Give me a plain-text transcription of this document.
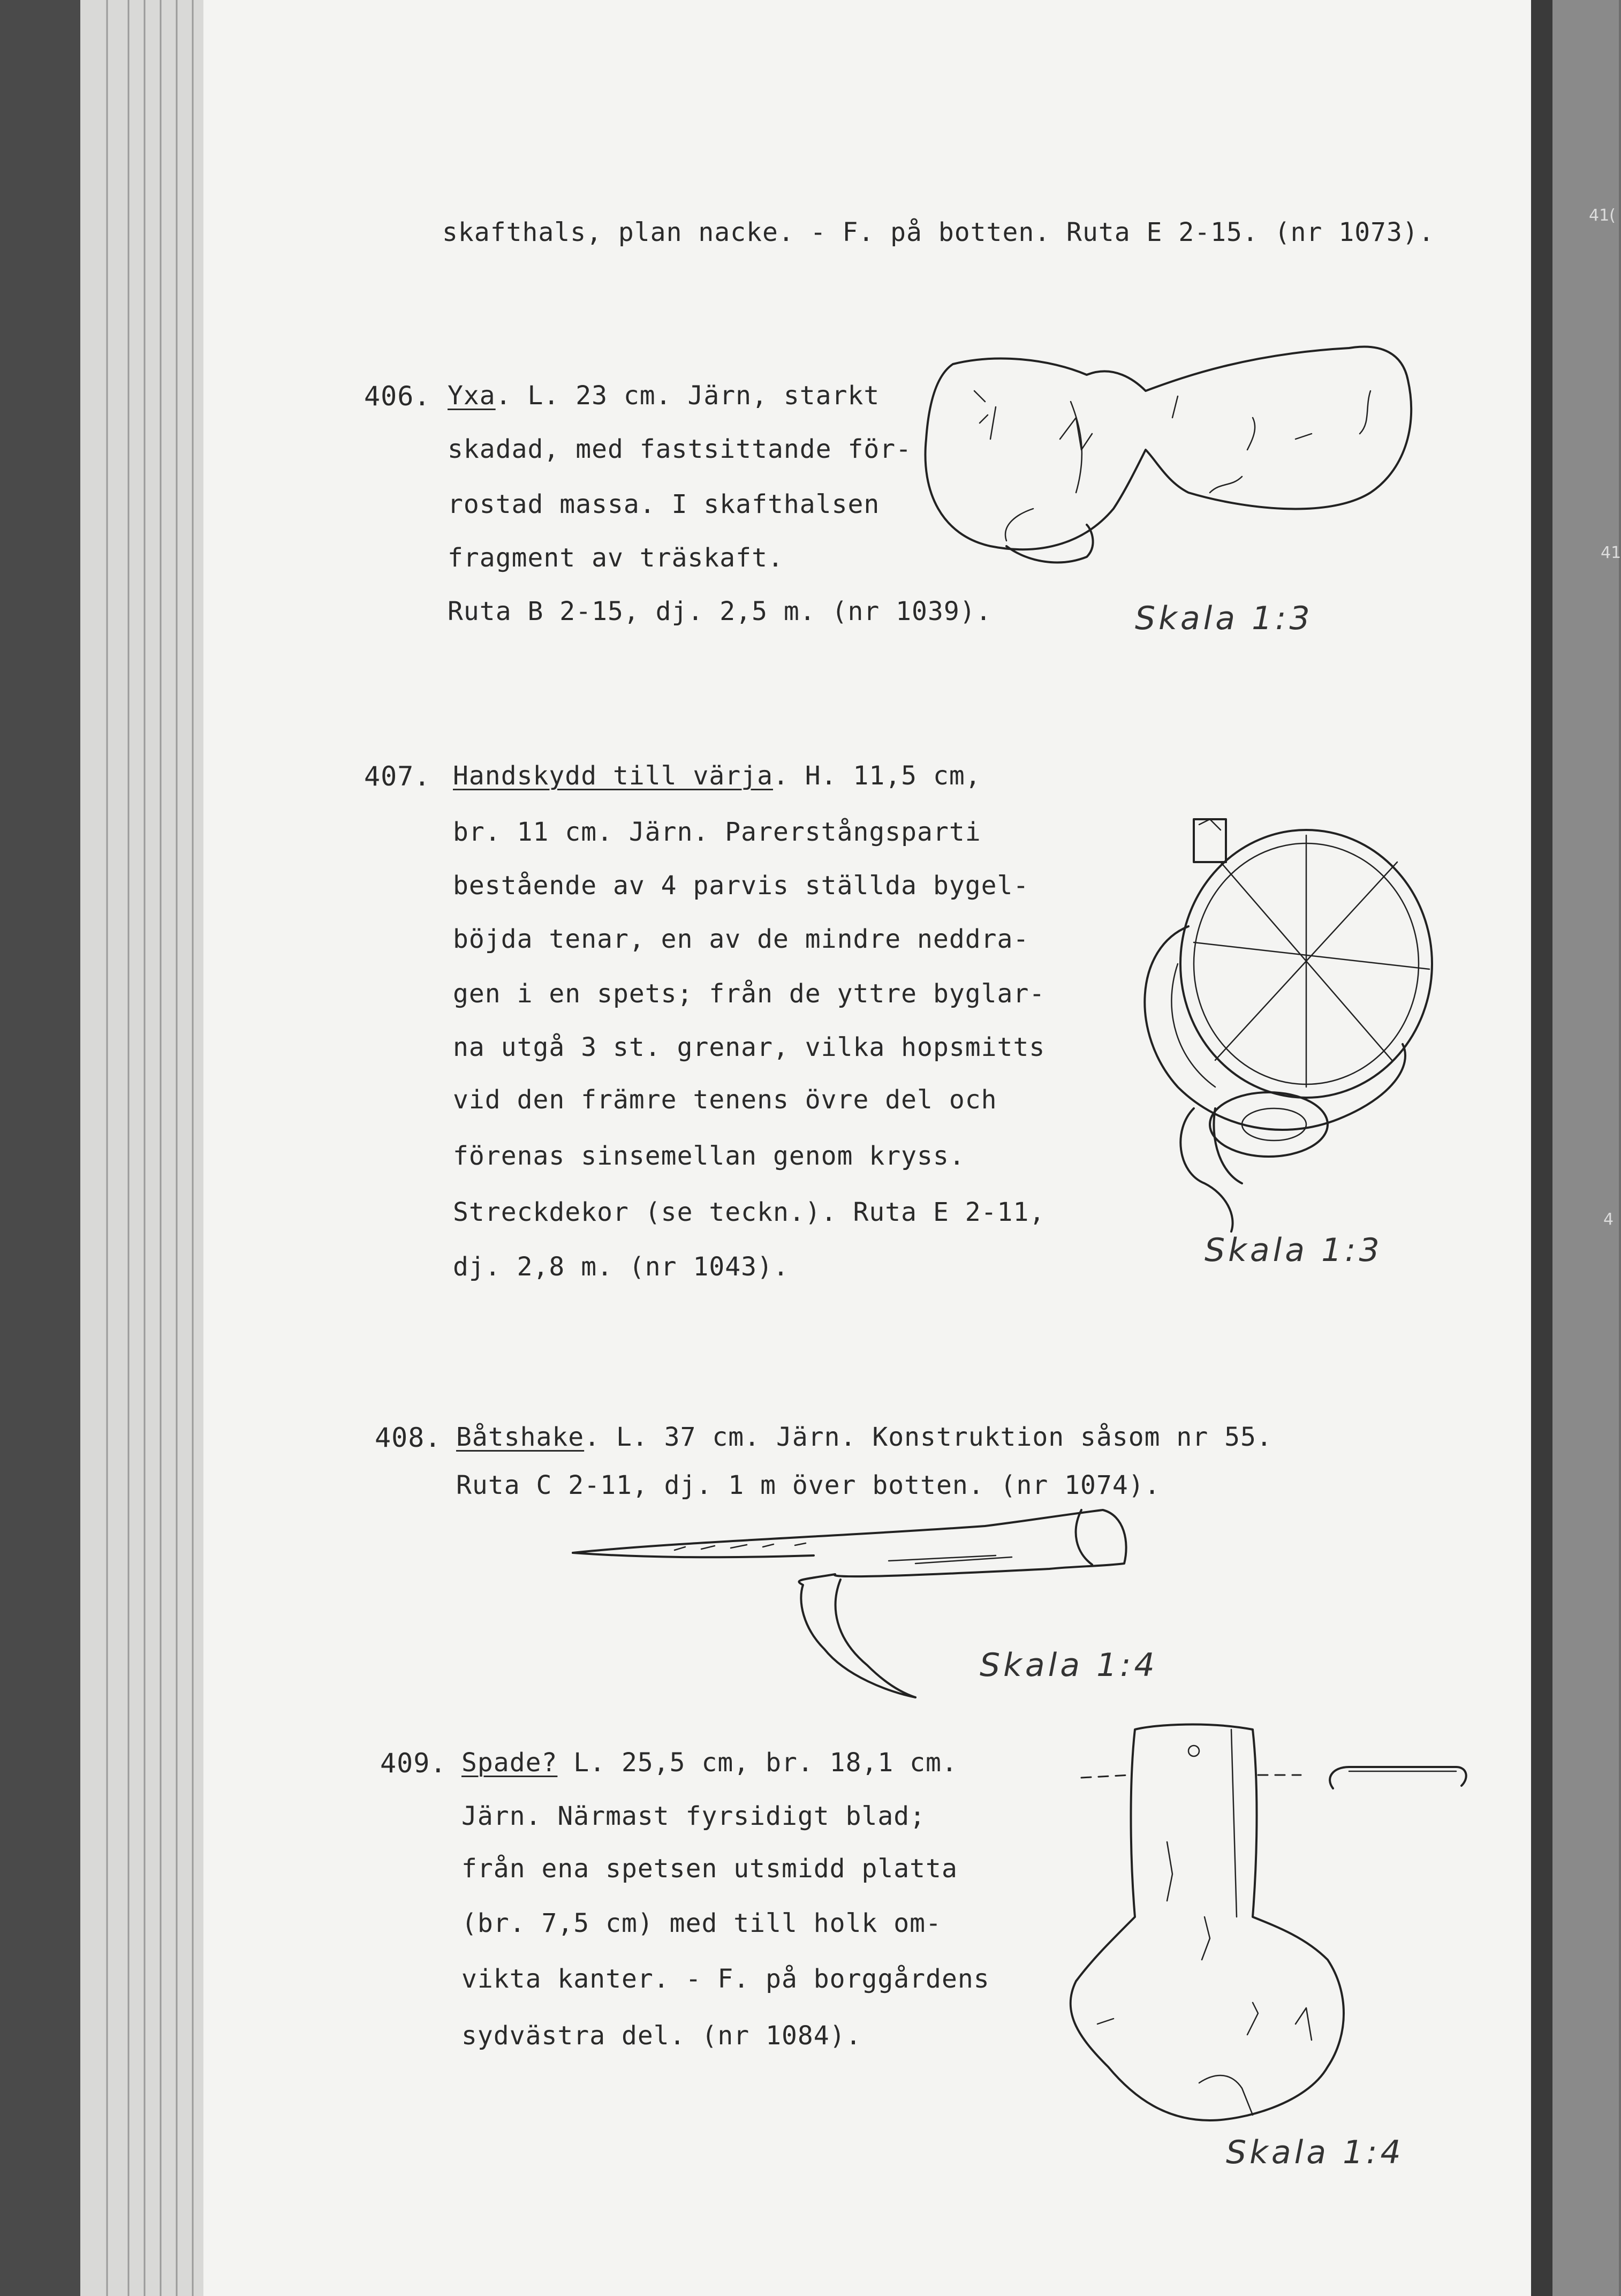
skafthals, plan nacke. - F. på botten. Ruta E 2-15. (nr 1073).

406. Yxa. L. 23 cm. Järn, starkt

skadad, med fastsittande för-

rostad massa. I skafthalsen

fragment av träskaft.

Ruta B 2-15, dj. 2,5 m. (nr 1039).	Skala 1:3

407. Handskydd till värja. H. 11,5 cm,

br. 11 cm. Järn. Parerstångsparti

bestående av 4 parvis ställda bygel-

böjda tenar, en av de mindre neddra-

gen i en spets; från de yttre byglar-

na utgå 3 st. grenar, vilka hopsmitts

vid den främre tenens övre del och

förenas sinsemellan genom kryss.

Streckdekor (se teckn.). Ruta E 2-11,

dj. 2,8 m. (nr 1043).	Skala 1:3

408. Båtshake. L. 37 cm. Järn. Konstruktion såsom nr 55.

Ruta C 2-11, dj. 1 m över botten. (nr 1074).

Skala 1:4

409. Spade? L. 25,5 cm, br. 18,1 cm.

Järn. Närmast fyrsidigt blad;

från ena spetsen utsmidd platta

(br. 7,5 cm) med till holk om-

vikta kanter. - F. på borggårdens

sydvästra del. (nr 1084).

Skala 1:4

41(

41

4
